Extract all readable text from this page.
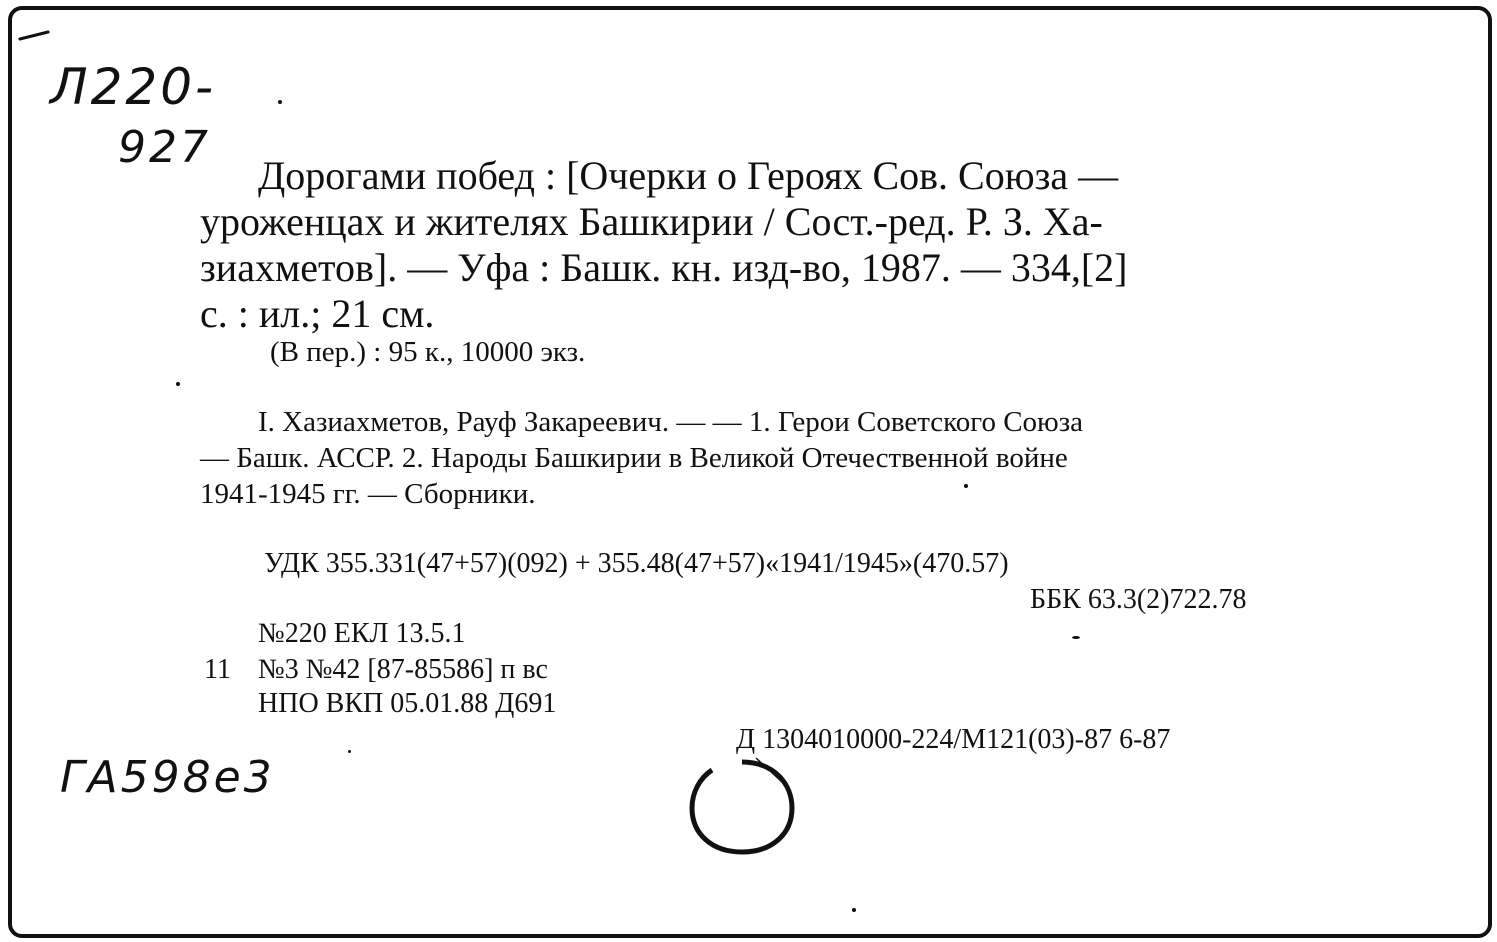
Л220-
927
Дорогами побед : [Очерки о Героях Сов. Союза —
уроженцах и жителях Башкирии / Сост.-ред. Р. З. Ха-
зиахметов]. — Уфа : Башк. кн. изд-во, 1987. — 334,[2]
с. : ил.; 21 см.
(В пер.) : 95 к., 10000 экз.
I. Хазиахметов, Рауф Закареевич. — — 1. Герои Советского Союза
— Башк. АССР. 2. Народы Башкирии в Великой Отечественной войне
1941-1945 гг. — Сборники.
УДК 355.331(47+57)(092) + 355.48(47+57)«1941/1945»(470.57)
ББК 63.3(2)722.78
№220 ЕКЛ 13.5.1
11 №3 №42 [87-85586] п вс
НПО ВКП 05.01.88 Д691
Д 1304010000-224/М121(03)-87 6-87
ГА598е3
